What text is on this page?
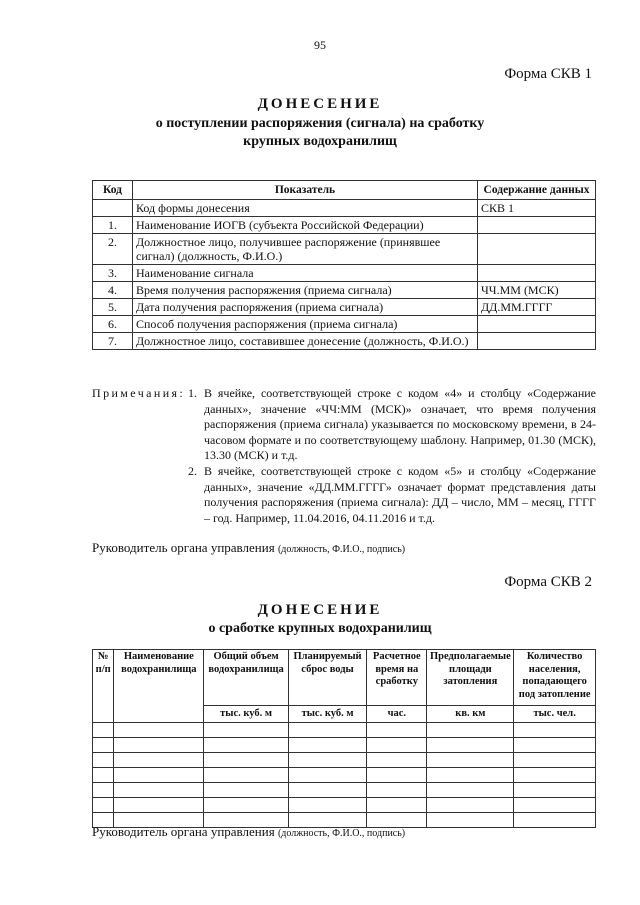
95
Форма СКВ 1
ДОНЕСЕНИЕ
о поступлении распоряжения (сигнала) на сработку
крупных водохранилищ
Код	Показатель	Содержание данных
	Код формы донесения	СКВ 1
1.	Наименование ИОГВ (субъекта Российской Федерации)	
2.	Должностное лицо, получившее распоряжение (принявшее сигнал) (должность, Ф.И.О.)	
3.	Наименование сигнала	
4.	Время получения распоряжения (приема сигнала)	ЧЧ.ММ (МСК)
5.	Дата получения распоряжения (приема сигнала)	ДД.ММ.ГГГГ
6.	Способ получения распоряжения (приема сигнала)	
7.	Должностное лицо, составившее донесение (должность, Ф.И.О.)	
Примечания: 1. В ячейке, соответствующей строке с кодом «4» и столбцу «Содержание данных», значение «ЧЧ:ММ (МСК)» означает, что время получения распоряжения (приема сигнала) указывается по московскому времени, в 24-часовом формате и по соответствующему шаблону. Например, 01.30 (МСК), 13.30 (МСК) и т.д.
2. В ячейке, соответствующей строке с кодом «5» и столбцу «Содержание данных», значение «ДД.ММ.ГГГГ» означает формат представления даты получения распоряжения (приема сигнала): ДД – число, ММ – месяц, ГГГГ – год. Например, 11.04.2016, 04.11.2016 и т.д.
Руководитель органа управления (должность, Ф.И.О., подпись)
Форма СКВ 2
ДОНЕСЕНИЕ
о сработке крупных водохранилищ
№ п/п	Наименование водохранилища	Общий объем водохранилища	Планируемый сброс воды	Расчетное время на сработку	Предполагаемые площади затопления	Количество населения, попадающего под затопление
		тыс. куб. м	тыс. куб. м	час.	кв. км	тыс. чел.

Руководитель органа управления (должность, Ф.И.О., подпись)
